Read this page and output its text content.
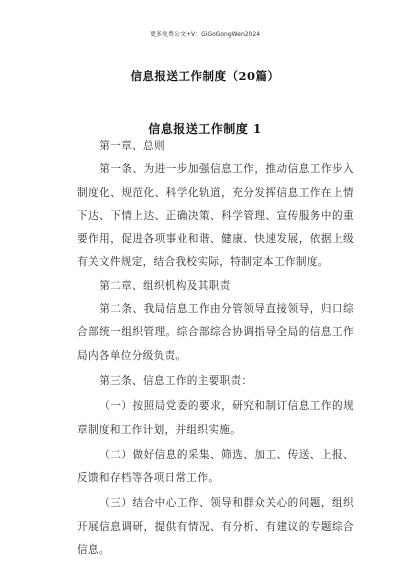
更多免费公文+V：GiGoGongWen2024
信息报送工作制度（20篇）
信息报送工作制度 1

第一章、总则

第一条、为进一步加强信息工作，推动信息工作步入制度化、规范化、科学化轨道，充分发挥信息工作在上情下达、下情上达、正确决策、科学管理、宣传服务中的重要作用，促进各项事业和谐、健康、快速发展，依据上级有关文件规定，结合我校实际，特制定本工作制度。

第二章、组织机构及其职责

第二条、我局信息工作由分管领导直接领导，归口综合部统一组织管理。综合部综合协调指导全局的信息工作局内各单位分级负责。

第三条、信息工作的主要职责：

（一）按照局党委的要求，研究和制订信息工作的规章制度和工作计划，并组织实施。

（二）做好信息的采集、筛选、加工、传送、上报、反馈和存档等各项日常工作。

（三）结合中心工作、领导和群众关心的问题，组织开展信息调研，提供有情况、有分析、有建议的专题综合信息。
